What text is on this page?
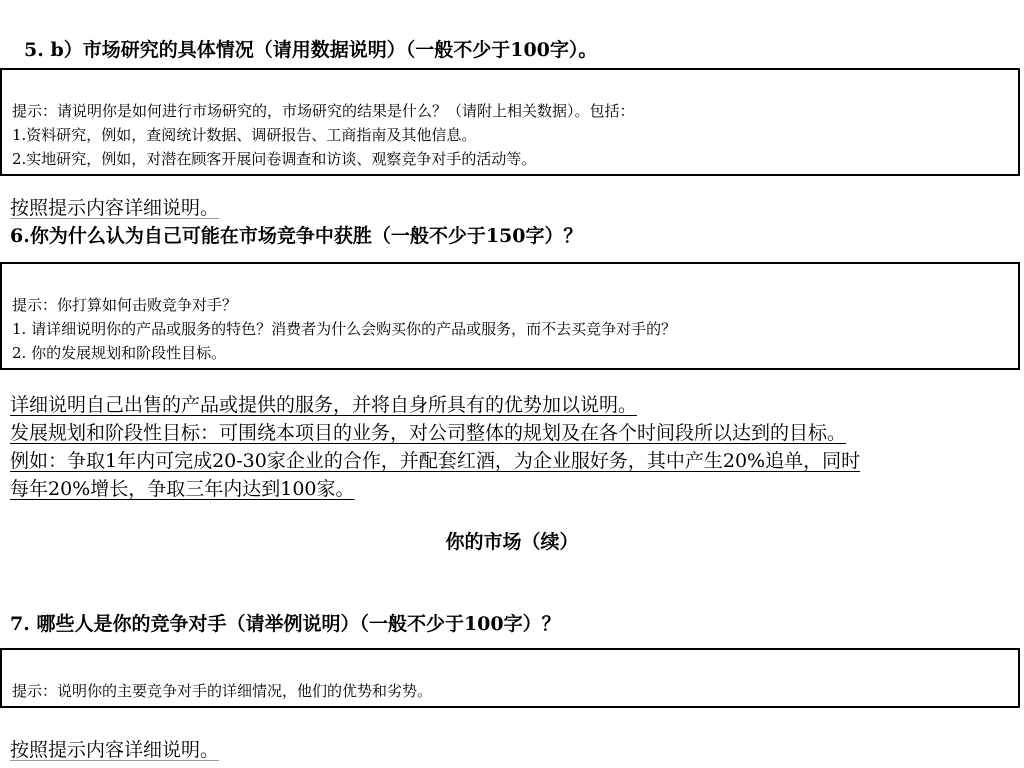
5. b）市场研究的具体情况（请用数据说明）（一般不少于100字）。
提示：请说明你是如何进行市场研究的，市场研究的结果是什么？（请附上相关数据）。包括：
1.资料研究，例如，查阅统计数据、调研报告、工商指南及其他信息。
2.实地研究，例如，对潜在顾客开展问卷调查和访谈、观察竞争对手的活动等。
按照提示内容详细说明。
6.你为什么认为自己可能在市场竞争中获胜（一般不少于150字）？
提示：你打算如何击败竞争对手？
1. 请详细说明你的产品或服务的特色？消费者为什么会购买你的产品或服务，而不去买竞争对手的？
2. 你的发展规划和阶段性目标。
详细说明自己出售的产品或提供的服务，并将自身所具有的优势加以说明。
发展规划和阶段性目标：可围绕本项目的业务，对公司整体的规划及在各个时间段所以达到的目标。
例如：争取1年内可完成20-30家企业的合作，并配套红酒，为企业服好务，其中产生20%追单，同时
每年20%增长，争取三年内达到100家。
你的市场（续）
7. 哪些人是你的竞争对手（请举例说明）（一般不少于100字）？
提示：说明你的主要竞争对手的详细情况，他们的优势和劣势。
按照提示内容详细说明。
